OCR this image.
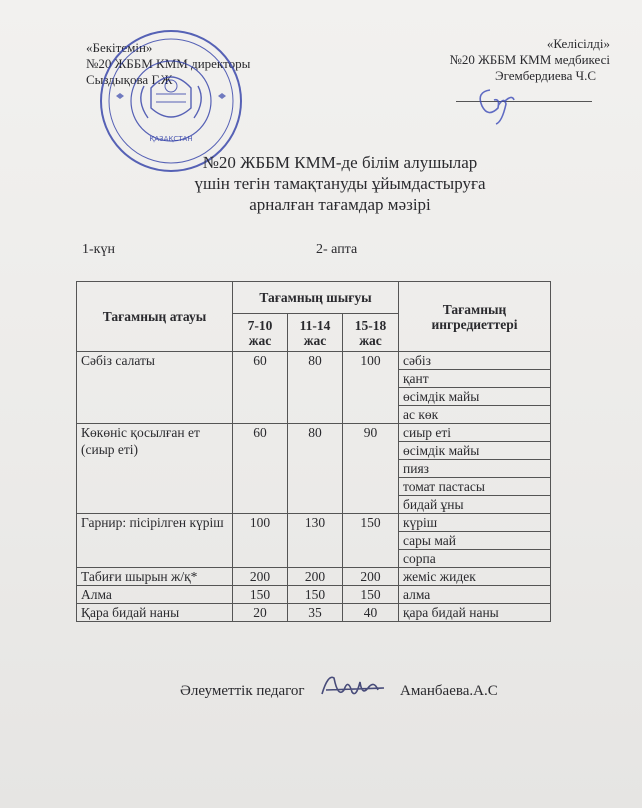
«Бекітемін»
№20 ЖББМ КММ директоры
Сыздықова Г.Ж
ҚАЗАҚСТАН
«Келісілді»
№20 ЖББМ КММ медбикесі
Эгембердиева Ч.С
№20 ЖББМ КММ-де білім алушылар
үшін тегін тамақтануды ұйымдастыруға
арналған тағамдар мәзірі
1-күн	2- апта
Тағамның атауы	Тағамның шығуы			Тағамның ингредиеттері
	7-10 жас	11-14 жас	15-18 жас	
Сәбіз салаты	60	80	100	сәбіз
				қант
				өсімдік майы
				ас көк
Көкөніс қосылған ет (сиыр еті)	60	80	90	сиыр еті
				өсімдік майы
				пияз
				томат пастасы
				бидай ұны
Гарнир: пісірілген күріш	100	130	150	күріш
				сары май
				сорпа
Табиғи шырын ж/қ*	200	200	200	жеміс жидек
Алма	150	150	150	алма
Қара бидай наны	20	35	40	қара бидай наны
Әлеуметтік педагог	Аманбаева.А.С
